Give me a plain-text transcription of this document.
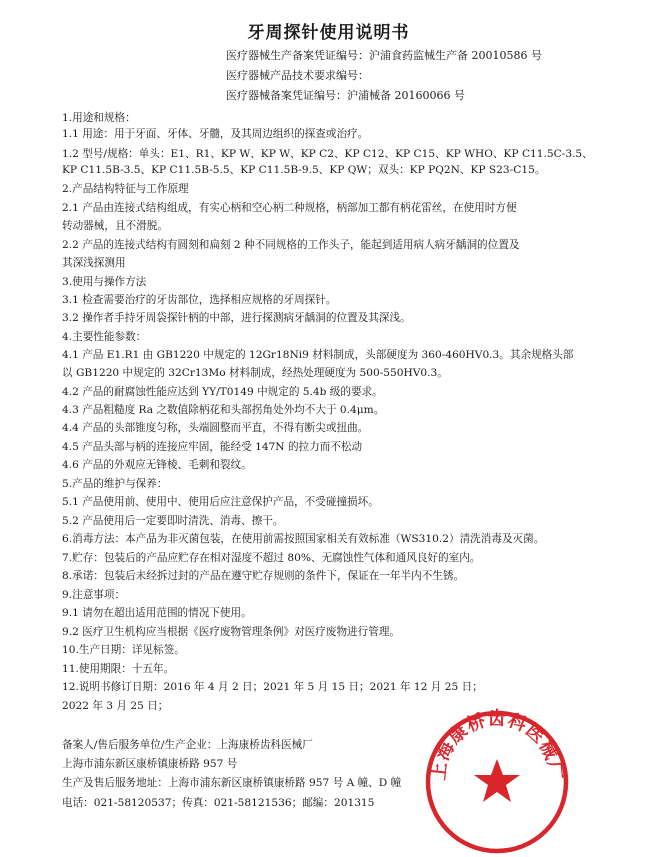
牙周探针使用说明书
医疗器械生产备案凭证编号：沪浦食药监械生产备 20010586 号
医疗器械产品技术要求编号：
医疗器械备案凭证编号：沪浦械备 20160066 号
1.用途和规格：
1.1 用途：用于牙面、牙体、牙髓，及其周边组织的探查或治疗。
1.2 型号/规格：单头：E1、R1、KP W、KP W、KP C2、KP C12、KP C15、KP WHO、KP C11.5C-3.5、
KP C11.5B-3.5、KP C11.5B-5.5、KP C11.5B-9.5、KP QW；双头：KP PQ2N、KP S23-C15。
2.产品结构特征与工作原理
2.1 产品由连接式结构组成，有实心柄和空心柄二种规格，柄部加工都有柄花雷丝，在使用时方便
转动器械，且不滑脱。
2.2 产品的连接式结构有圆刻和扁刻 2 种不同规格的工作头子，能起到适用病人病牙龋洞的位置及
其深浅探测用
3.使用与操作方法
3.1 检查需要治疗的牙齿部位，选择相应规格的牙周探针。
3.2 操作者手持牙周袋探针柄的中部，进行探测病牙龋洞的位置及其深浅。
4.主要性能参数：
4.1 产品 E1.R1 由 GB1220 中规定的 12Gr18Ni9 材料制成，头部硬度为 360-460HV0.3。其余规格头部
以 GB1220 中规定的 32Cr13Mo 材料制成，经热处理硬度为 500-550HV0.3。
4.2 产品的耐腐蚀性能应达到 YY/T0149 中规定的 5.4b 级的要求。
4.3 产品粗糙度 Ra 之数值除柄花和头部拐角处外均不大于 0.4μm。
4.4 产品的头部锥度匀称，头端圆整而平直，不得有断尖或扭曲。
4.5 产品头部与柄的连接应牢固，能经受 147N 的拉力而不松动
4.6 产品的外观应无锋棱、毛刺和裂纹。
5.产品的维护与保养：
5.1 产品使用前、使用中、使用后应注意保护产品，不受碰撞损坏。
5.2 产品使用后一定要即时清洗、消毒、擦干。
6.消毒方法：本产品为非灭菌包装，在使用前需按照国家相关有效标准（WS310.2）清洗消毒及灭菌。
7.贮存：包装后的产品应贮存在相对湿度不超过 80%、无腐蚀性气体和通风良好的室内。
8.承诺：包装后未经拆过封的产品在遵守贮存规则的条件下，保证在一年半内不生锈。
9.注意事项：
9.1 请勿在超出适用范围的情况下使用。
9.2 医疗卫生机构应当根据《医疗废物管理条例》对医疗废物进行管理。
10.生产日期：详见标签。
11.使用期限：十五年。
12.说明书修订日期：2016 年 4 月 2 日；2021 年 5 月 15 日；2021 年 12 月 25 日；
2022 年 3 月 25 日；
备案人/售后服务单位/生产企业：上海康桥齿科医械厂
上海市浦东新区康桥镇康桥路 957 号
生产及售后服务地址：上海市浦东新区康桥镇康桥路 957 号 A 幢、D 幢
电话：021-58120537；传真：021-58121536；邮编：201315
上海康桥齿科医械厂
